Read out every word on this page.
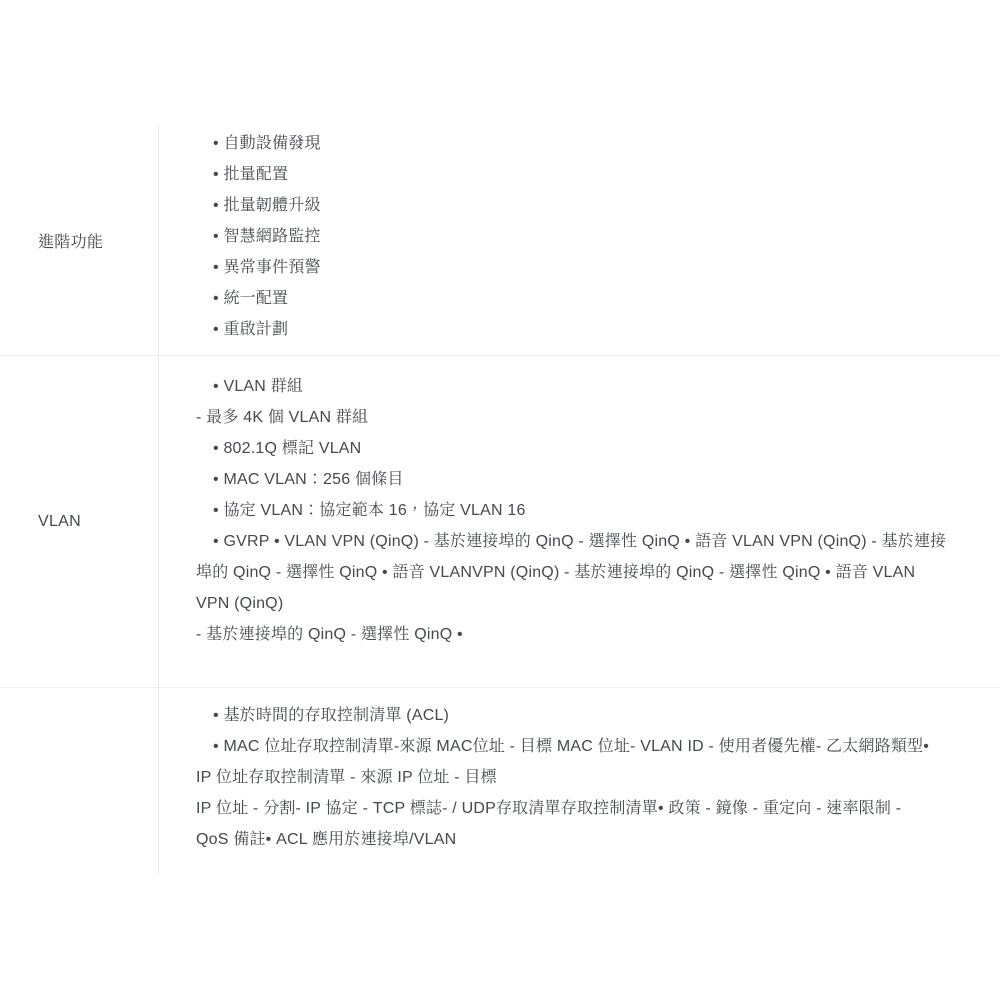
進階功能

• 自動設備發現

• 批量配置

• 批量韌體升級

• 智慧網路監控

• 異常事件預警

• 統一配置

• 重啟計劃

VLAN

• VLAN 群組

- 最多 4K 個 VLAN 群組

• 802.1Q 標記 VLAN

• MAC VLAN：256 個條目

• 協定 VLAN：協定範本 16，協定 VLAN 16

• GVRP • VLAN VPN (QinQ) - 基於連接埠的 QinQ - 選擇性 QinQ • 語音 VLAN VPN (QinQ) - 基於連接

埠的 QinQ - 選擇性 QinQ • 語音 VLANVPN (QinQ) - 基於連接埠的 QinQ - 選擇性 QinQ • 語音 VLAN

VPN (QinQ)

- 基於連接埠的 QinQ - 選擇性 QinQ •

• 基於時間的存取控制清單 (ACL)

• MAC 位址存取控制清單-來源 MAC位址 - 目標 MAC 位址- VLAN ID - 使用者優先權- 乙太網路類型•

IP 位址存取控制清單 - 來源 IP 位址 - 目標

IP 位址 - 分割- IP 協定 - TCP 標誌- / UDP存取清單存取控制清單• 政策 - 鏡像 - 重定向 - 速率限制 -

QoS 備註• ACL 應用於連接埠/VLAN
